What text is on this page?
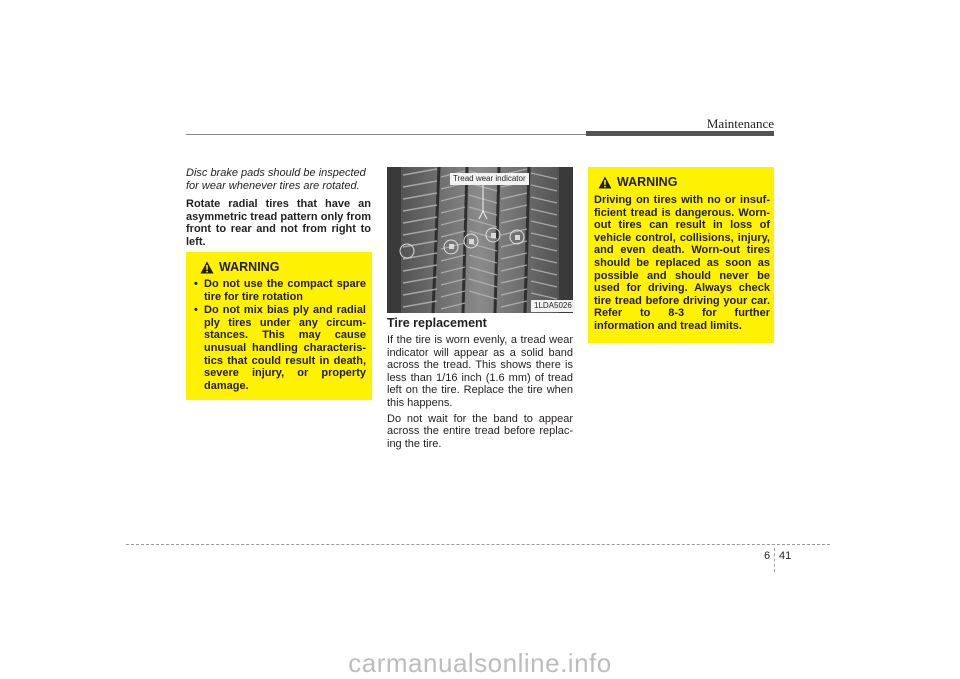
Maintenance

Disc brake pads should be inspected for wear whenever tires are rotated.

Rotate radial tires that have an asymmetric tread pattern only from front to rear and not from right to left.

WARNING
• Do not use the compact spare tire for tire rotation
• Do not mix bias ply and radial ply tires under any circum-stances. This may cause unusual handling characteris-tics that could result in death, severe injury, or property damage.
Tread wear indicator
1LDA5026
Tire replacement

If the tire is worn evenly, a tread wear indicator will appear as a solid band across the tread. This shows there is less than 1/16 inch (1.6 mm) of tread left on the tire. Replace the tire when this happens.

Do not wait for the band to appear across the entire tread before replac-ing the tire.

WARNING

Driving on tires with no or insuf-ficient tread is dangerous. Worn-out tires can result in loss of vehicle control, collisions, injury, and even death. Worn-out tires should be replaced as soon as possible and should never be used for driving. Always check tire tread before driving your car. Refer to 8-3 for further information and tread limits.

6 41
carmanualsonline.info
